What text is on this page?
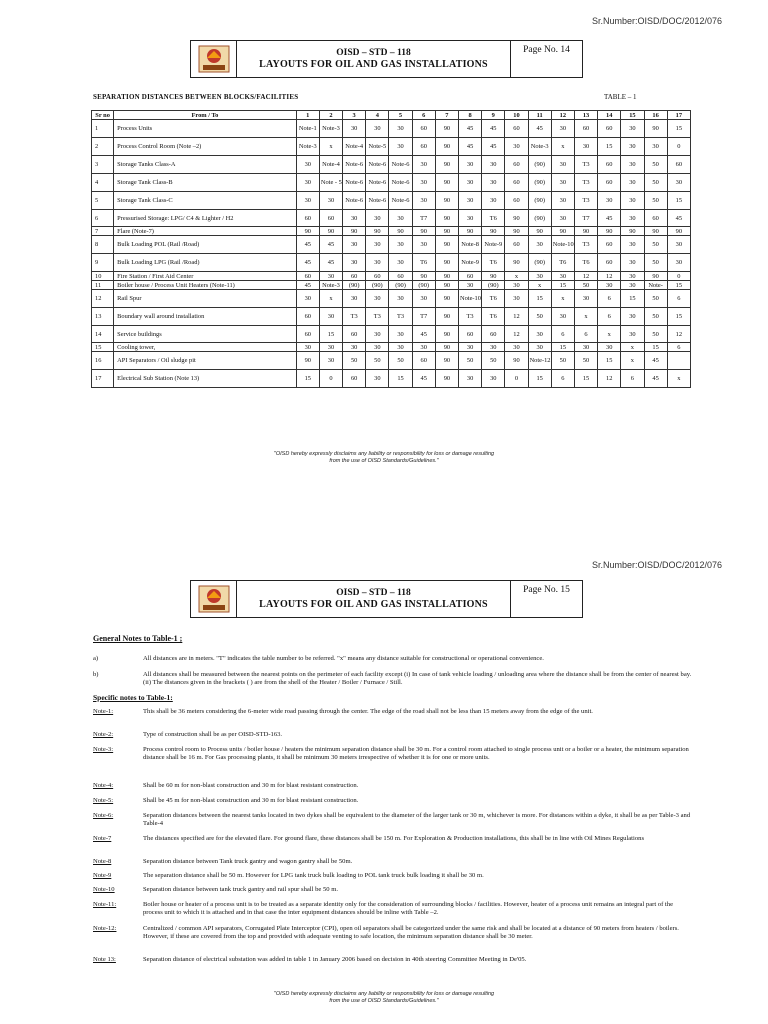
Sr.Number:OISD/DOC/2012/076
OISD – STD – 118
LAYOUTS FOR OIL AND GAS INSTALLATIONS
Page No. 14
SEPARATION DISTANCES BETWEEN BLOCKS/FACILITIES	TABLE – 1
Sr no	From / To	1	2	3	4	5	6	7	8	9	10	11	12	13	14	15	16	17
1	Process Units	Note-1	Note-3	30	30	30	60	90	45	45	60	45	30	60	60	30	90	15
2	Process Control Room (Note –2)	Note-3	x	Note-4	Note-5	30	60	90	45	45	30	Note-3	x	30	15	30	30	0
3	Storage Tanks Class-A	30	Note-4	Note-6	Note-6	Note-6	30	90	30	30	60	(90)	30	T3	60	30	50	60
4	Storage Tank Class-B	30	Note - 5	Note-6	Note-6	Note-6	30	90	30	30	60	(90)	30	T3	60	30	50	30
5	Storage Tank Class-C	30	30	Note-6	Note-6	Note-6	30	90	30	30	60	(90)	30	T3	30	30	50	15
6	Pressurised Storage: LPG/ C4 & Lighter / H2	60	60	30	30	30	T7	90	30	T6	90	(90)	30	T7	45	30	60	45
7	Flare (Note-7)	90	90	90	90	90	90	90	90	90	90	90	90	90	90	90	90	90
8	Bulk Loading POL (Rail /Road)	45	45	30	30	30	30	90	Note-8	Note-9	60	30	Note-10	T3	60	30	50	30
9	Bulk Loading LPG (Rail /Road)	45	45	30	30	30	T6	90	Note-9	T6	90	(90)	T6	T6	60	30	50	30
10	Fire Station / First Aid Center	60	30	60	60	60	90	90	60	90	x	30	30	12	12	30	90	0
11	Boiler house / Process Unit Heaters (Note-11)	45	Note-3	(90)	(90)	(90)	(90)	90	30	(90)	30	x	15	50	30	30	Note-	15
12	Rail Spur	30	x	30	30	30	30	90	Note-10	T6	30	15	x	30	6	15	50	6
13	Boundary wall around installation	60	30	T3	T3	T3	T7	90	T3	T6	12	50	30	x	6	30	50	15
14	Service buildings	60	15	60	30	30	45	90	60	60	12	30	6	6	x	30	50	12
15	Cooling tower,	30	30	30	30	30	30	90	30	30	30	30	15	30	30	x	15	6
16	API Separators / Oil sludge pit	90	30	50	50	50	60	90	50	50	90	Note-12	50	50	15	x	45	
17	Electrical Sub Station (Note 13)	15	0	60	30	15	45	90	30	30	0	15	6	15	12	6	45	x
"OISD hereby expressly disclaims any liability or responsibility for loss or damage resulting
from the use of OISD Standards/Guidelines."
Sr.Number:OISD/DOC/2012/076
OISD – STD – 118
LAYOUTS FOR OIL AND GAS INSTALLATIONS
Page No. 15
General Notes to Table-1 ;
a)	All distances are in meters. "T" indicates the table number to be referred. "x" means any distance suitable for constructional or operational convenience.
b)	All distances shall be measured between the nearest points on the perimeter of each facility except (i) In case of tank vehicle loading / unloading area where the distance shall be from the center of nearest bay. (ii) The distances given in the brackets ( ) are from the shell of the Heater / Boiler / Furnace / Still.
Specific notes to Table-1:
Note-1:	This shall be 36 meters considering the 6-meter wide road passing through the center. The edge of the road shall not be less than 15 meters away from the edge of the unit.
Note-2:	Type of construction shall be as per OISD-STD-163.
Note-3:	Process control room to Process units / boiler house / heaters the minimum separation distance shall be 30 m. For a control room attached to single process unit or a boiler or a heater, the minimum separation distance shall be 16 m. For Gas processing plants, it shall be minimum 30 meters irrespective of whether it is for one or more units.
Note-4:	Shall be 60 m for non-blast construction and 30 m for blast resistant construction.
Note-5:	Shall be 45 m for non-blast construction and 30 m for blast resistant construction.
Note-6:	Separation distances between the nearest tanks located in two dykes shall be equivalent to the diameter of the larger tank or 30 m, whichever is more. For distances within a dyke, it shall be as per Table-3 and Table-4
Note-7	The distances specified are for the elevated flare. For ground flare, these distances shall be 150 m. For Exploration & Production installations, this shall be in line with Oil Mines Regulations
Note-8	Separation distance between Tank truck gantry and wagon gantry shall be 50m.
Note-9	The separation distance shall be 50 m. However for LPG tank truck bulk loading to POL tank truck bulk loading it shall be 30 m.
Note-10	Separation distance between tank truck gantry and rail spur shall be 50 m.
Note-11:	Boiler house or heater of a process unit is to be treated as a separate identity only for the consideration of surrounding blocks / facilities. However, heater of a process unit remains an integral part of the process unit to which it is attached and in that case the inter equipment distances should be inline with Table –2.
Note-12:	Centralized / common API separators, Corrugated Plate Interceptor (CPI), open oil separators shall be categorized under the same risk and shall be located at a distance of 90 meters from heaters / boilers. However, if these are covered from the top and provided with adequate venting to safe location, the minimum separation distance shall be 30 meter.
Note 13:	Separation distance of electrical substation was added in table 1 in January 2006 based on decision in 40th steering Committee Meeting in De'05.
"OISD hereby expressly disclaims any liability or responsibility for loss or damage resulting
from the use of OISD Standards/Guidelines."
